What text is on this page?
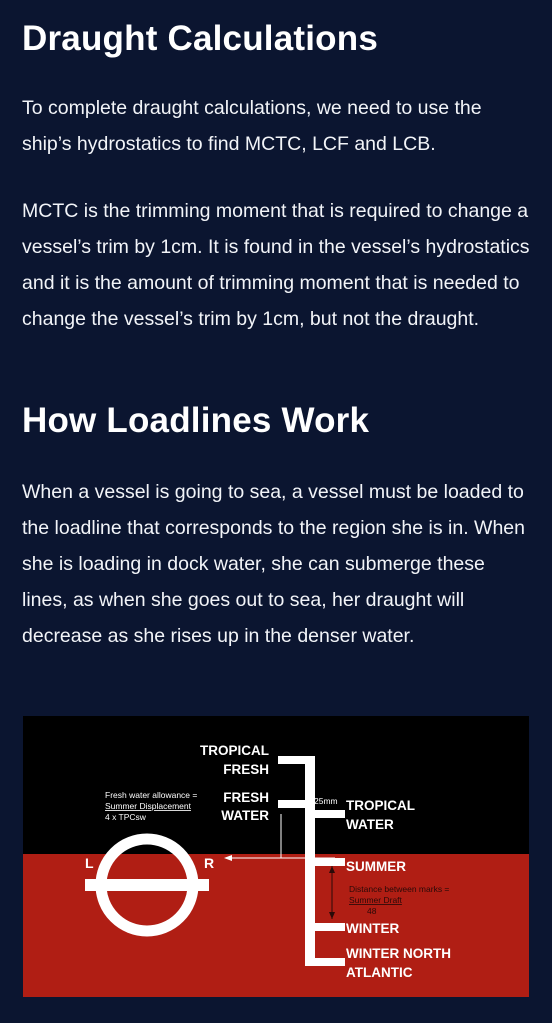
Draught Calculations

To complete draught calculations, we need to use the ship’s hydrostatics to find MCTC, LCF and LCB.

MCTC is the trimming moment that is required to change a vessel’s trim by 1cm. It is found in the vessel’s hydrostatics and it is the amount of trimming moment that is needed to change the vessel’s trim by 1cm, but not the draught.

How Loadlines Work

When a vessel is going to sea, a vessel must be loaded to the loadline that corresponds to the region she is in. When she is loading in dock water, she can submerge these lines, as when she goes out to sea, her draught will decrease as she rises up in the denser water.

L	R
TROPICAL
FRESH
FRESH
WATER
Fresh water allowance =
Summer Displacement
4 x TPCsw
25mm TROPICAL
WATER
SUMMER
Distance between marks =
Summer Draft
48
WINTER
WINTER NORTH
ATLANTIC
